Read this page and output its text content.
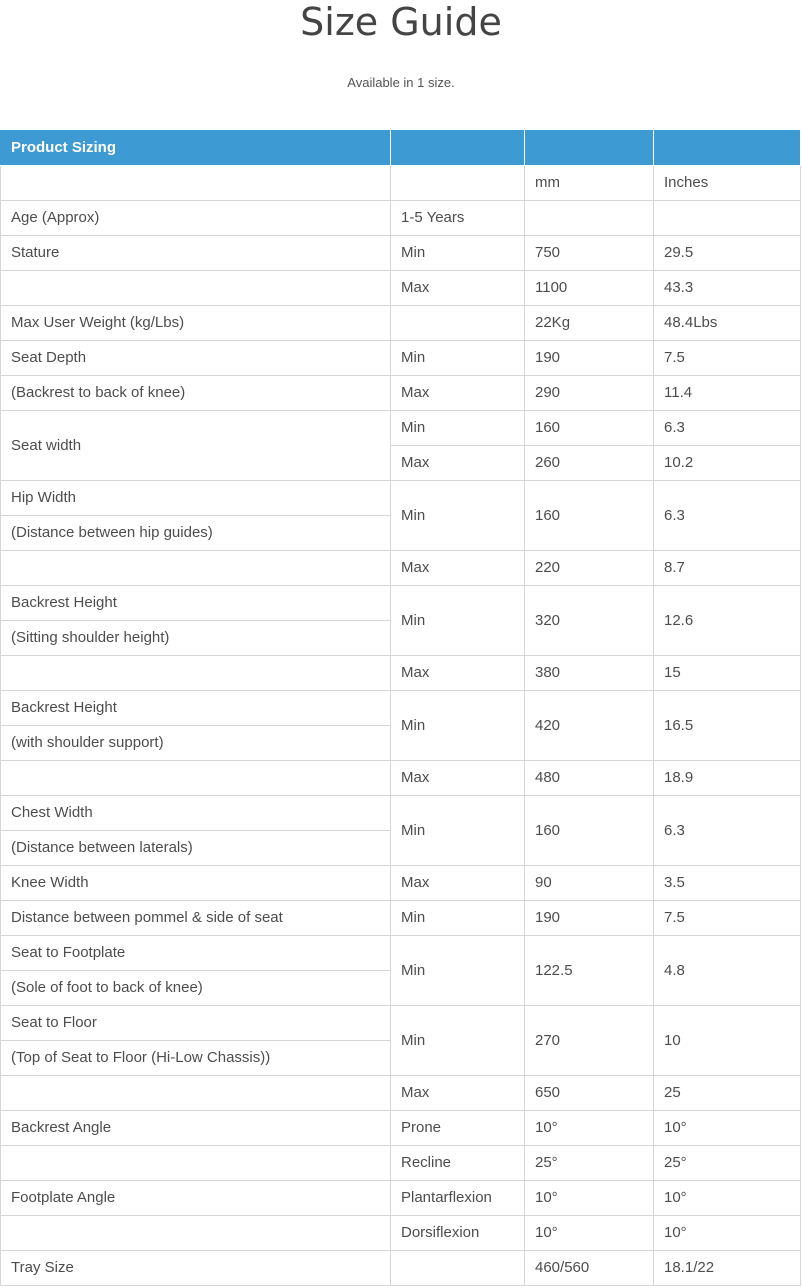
Size Guide

Available in 1 size.

Product Sizing			
		mm	Inches
Age (Approx)	1-5 Years		
Stature	Min	750	29.5
	Max	1100	43.3
Max User Weight (kg/Lbs)		22Kg	48.4Lbs
Seat Depth	Min	190	7.5
(Backrest to back of knee)	Max	290	11.4
Seat width	Min	160	6.3
	Max	260	10.2
Hip Width	Min	160	6.3
(Distance between hip guides)			
	Max	220	8.7
Backrest Height	Min	320	12.6
(Sitting shoulder height)			
	Max	380	15
Backrest Height	Min	420	16.5
(with shoulder support)			
	Max	480	18.9
Chest Width	Min	160	6.3
(Distance between laterals)			
Knee Width	Max	90	3.5
Distance between pommel & side of seat	Min	190	7.5
Seat to Footplate	Min	122.5	4.8
(Sole of foot to back of knee)			
Seat to Floor	Min	270	10
(Top of Seat to Floor (Hi-Low Chassis))			
	Max	650	25
Backrest Angle	Prone	10°	10°
	Recline	25°	25°
Footplate Angle	Plantarflexion	10°	10°
	Dorsiflexion	10°	10°
Tray Size		460/560	18.1/22
